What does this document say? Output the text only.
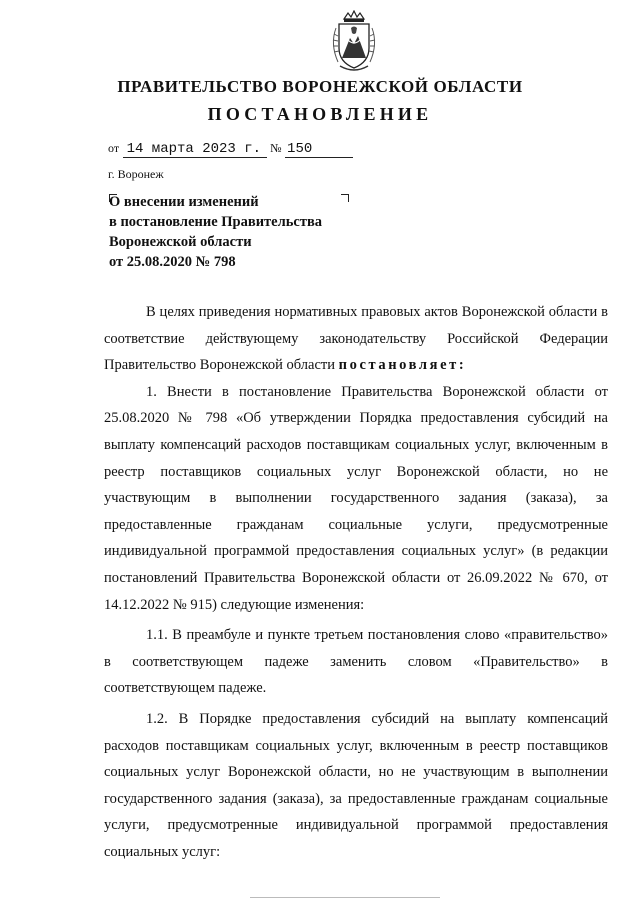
ПРАВИТЕЛЬСТВО ВОРОНЕЖСКОЙ ОБЛАСТИ
ПОСТАНОВЛЕНИЕ
от 14 марта 2023 г. № 150
г. Воронеж
О внесении изменений
в постановление Правительства
Воронежской области
от 25.08.2020 № 798

В целях приведения нормативных правовых актов Воронежской области в соответствие действующему законодательству Российской Федерации Правительство Воронежской области постановляет:

1. Внести в постановление Правительства Воронежской области от 25.08.2020 № 798 «Об утверждении Порядка предоставления субсидий на выплату компенсаций расходов поставщикам социальных услуг, включенным в реестр поставщиков социальных услуг Воронежской области, но не участвующим в выполнении государственного задания (заказа), за предоставленные гражданам социальные услуги, предусмотренные индивидуальной программой предоставления социальных услуг» (в редакции постановлений Правительства Воронежской области от 26.09.2022 № 670, от 14.12.2022 № 915) следующие изменения:

1.1. В преамбуле и пункте третьем постановления слово «правительство» в соответствующем падеже заменить словом «Правительство» в соответствующем падеже.

1.2. В Порядке предоставления субсидий на выплату компенсаций расходов поставщикам социальных услуг, включенным в реестр поставщиков социальных услуг Воронежской области, но не участвующим в выполнении государственного задания (заказа), за предоставленные гражданам социальные услуги, предусмотренные индивидуальной программой предоставления социальных услуг:
